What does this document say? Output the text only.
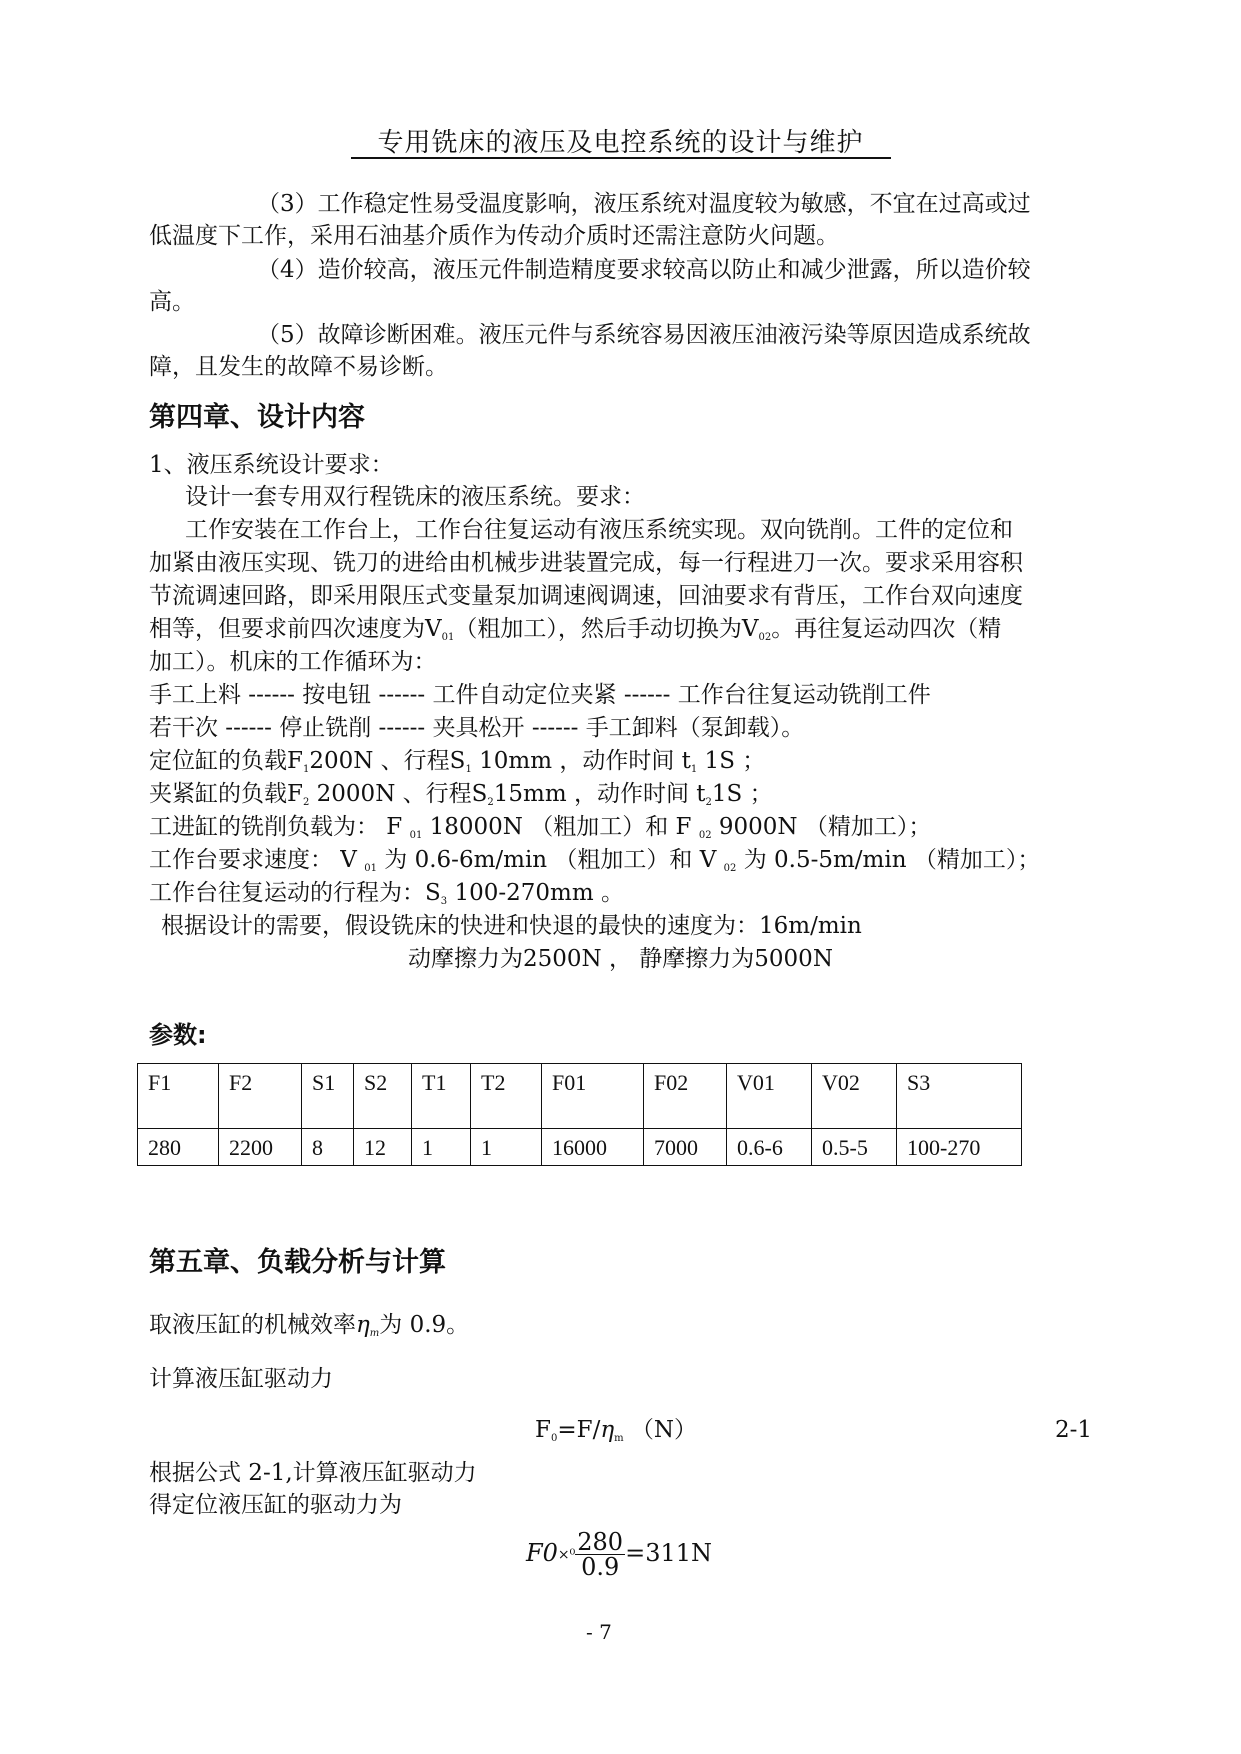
专用铣床的液压及电控系统的设计与维护
（3）工作稳定性易受温度影响，液压系统对温度较为敏感，不宜在过高或过
低温度下工作，采用石油基介质作为传动介质时还需注意防火问题。
（4）造价较高，液压元件制造精度要求较高以防止和减少泄露，所以造价较
高。
（5）故障诊断困难。液压元件与系统容易因液压油液污染等原因造成系统故
障，且发生的故障不易诊断。
第四章、设计内容
1、液压系统设计要求：
设计一套专用双行程铣床的液压系统。要求：
工作安装在工作台上，工作台往复运动有液压系统实现。双向铣削。工件的定位和
加紧由液压实现、铣刀的进给由机械步进装置完成，每一行程进刀一次。要求采用容积
节流调速回路，即采用限压式变量泵加调速阀调速，回油要求有背压，工作台双向速度
相等，但要求前四次速度为$V_{01}$（粗加工），然后手动切换为$V_{02}$。再往复运动四次（精
加工）。机床的工作循环为：
手工上料 ------ 按电钮 ------ 工件自动定位夹紧 ------ 工作台往复运动铣削工件
若干次 ------ 停止铣削 ------ 夹具松开 ------ 手工卸料（泵卸载）。
定位缸的负载$F_1200N$ 、行程$S_1$ 10mm ，动作时间 $t_1$ 1S ；
夹紧缸的负载$F_2$ 2000N 、行程$S_215mm$ ，动作时间 $t_21S$ ；
工进缸的铣削负载为： F $_{01}$ 18000N （粗加工）和 F $_{02}$ 9000N （精加工）；
工作台要求速度： V $_{01}$ 为 0.6-6m/min （粗加工）和 V $_{02}$ 为 0.5-5m/min （精加工）；
工作台往复运动的行程为：$S_3$ 100-270mm 。
根据设计的需要，假设铣床的快进和快退的最快的速度为：16m/min
动摩擦力为2500N ， 静摩擦力为5000N
参数:
F1	F2	S1	S2	T1	T2	F01	F02	V01	V02	S3
280	2200	8	12	1	1	16000	7000	0.6-6	0.5-5	100-270
第五章、负载分析与计算
取液压缸的机械效率$\eta_m$为 0.9。
计算液压缸驱动力
$F_0=F/\eta_m$ （N）	2-1
根据公式 2-1,计算液压缸驱动力
得定位液压缸的驱动力为
$F0\times^0 \frac{280}{0.9} =311N$
- 7
